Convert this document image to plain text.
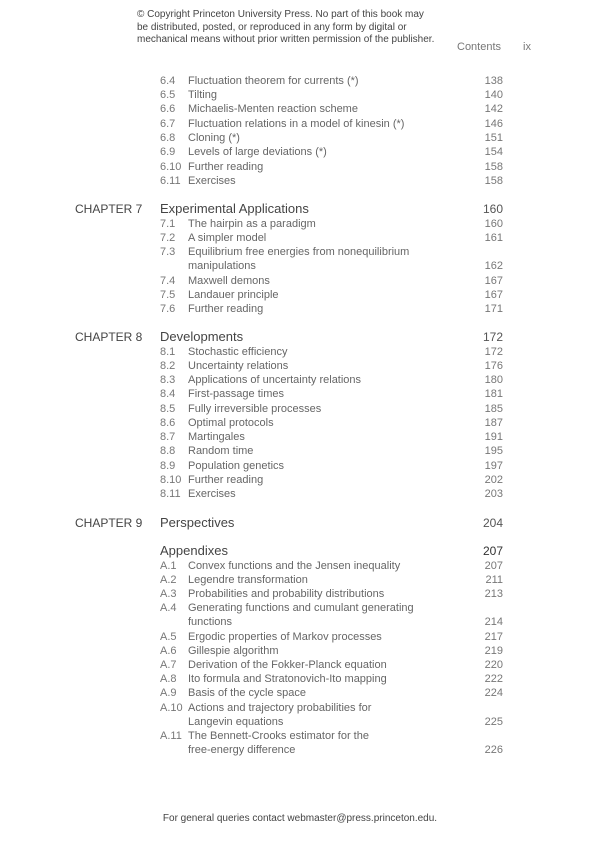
© Copyright Princeton University Press. No part of this book may be distributed, posted, or reproduced in any form by digital or mechanical means without prior written permission of the publisher.
Contents ix
6.4 Fluctuation theorem for currents (*)	138
6.5 Tilting	140
6.6 Michaelis-Menten reaction scheme	142
6.7 Fluctuation relations in a model of kinesin (*)	146
6.8 Cloning (*)	151
6.9 Levels of large deviations (*)	154
6.10 Further reading	158
6.11 Exercises	158
CHAPTER 7 Experimental Applications	160
7.1 The hairpin as a paradigm	160
7.2 A simpler model	161
7.3 Equilibrium free energies from nonequilibrium
manipulations	162
7.4 Maxwell demons	167
7.5 Landauer principle	167
7.6 Further reading	171
CHAPTER 8 Developments	172
8.1 Stochastic efficiency	172
8.2 Uncertainty relations	176
8.3 Applications of uncertainty relations	180
8.4 First-passage times	181
8.5 Fully irreversible processes	185
8.6 Optimal protocols	187
8.7 Martingales	191
8.8 Random time	195
8.9 Population genetics	197
8.10 Further reading	202
8.11 Exercises	203
CHAPTER 9 Perspectives	204
Appendixes	207
A.1 Convex functions and the Jensen inequality	207
A.2 Legendre transformation	211
A.3 Probabilities and probability distributions	213
A.4 Generating functions and cumulant generating
functions	214
A.5 Ergodic properties of Markov processes	217
A.6 Gillespie algorithm	219
A.7 Derivation of the Fokker-Planck equation	220
A.8 Ito formula and Stratonovich-Ito mapping	222
A.9 Basis of the cycle space	224
A.10 Actions and trajectory probabilities for
Langevin equations	225
A.11 The Bennett-Crooks estimator for the
free-energy difference	226
For general queries contact webmaster@press.princeton.edu.
